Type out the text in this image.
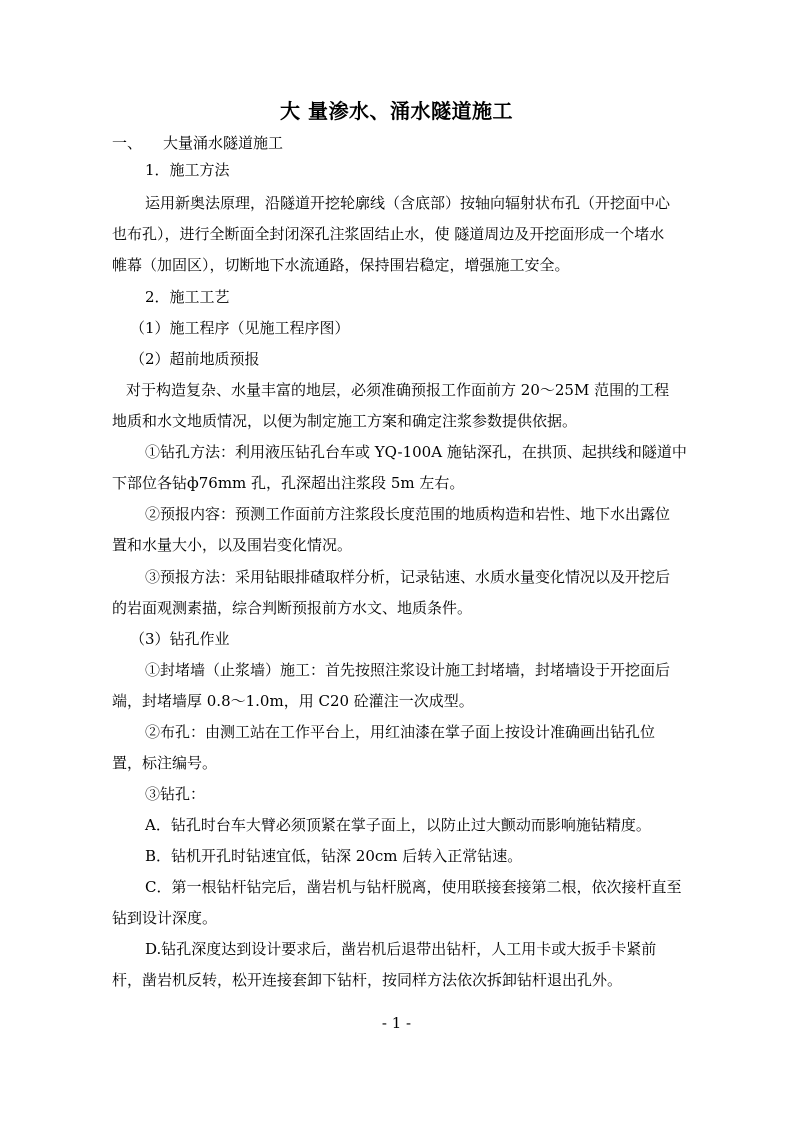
大 量渗水、涌水隧道施工
一、 大量涌水隧道施工
1．施工方法
运用新奥法原理，沿隧道开挖轮廓线（含底部）按轴向辐射状布孔（开挖面中心
也布孔），进行全断面全封闭深孔注浆固结止水，使 隧道周边及开挖面形成一个堵水
帷幕（加固区），切断地下水流通路，保持围岩稳定，增强施工安全。
2．施工工艺
（1）施工程序（见施工程序图）
（2）超前地质预报
对于构造复杂、水量丰富的地层，必须准确预报工作面前方 20～25M 范围的工程
地质和水文地质情况，以便为制定施工方案和确定注浆参数提供依据。
①钻孔方法：利用液压钻孔台车或 YQ-100A 施钻深孔，在拱顶、起拱线和隧道中
下部位各钻ф76mm 孔，孔深超出注浆段 5m 左右。
②预报内容：预测工作面前方注浆段长度范围的地质构造和岩性、地下水出露位
置和水量大小，以及围岩变化情况。
③预报方法：采用钻眼排碴取样分析，记录钻速、水质水量变化情况以及开挖后
的岩面观测素描，综合判断预报前方水文、地质条件。
（3）钻孔作业
①封堵墙（止浆墙）施工：首先按照注浆设计施工封堵墙，封堵墙设于开挖面后
端，封堵墙厚 0.8～1.0m，用 C20 砼灌注一次成型。
②布孔：由测工站在工作平台上，用红油漆在掌子面上按设计准确画出钻孔位
置，标注编号。
③钻孔：
A．钻孔时台车大臂必须顶紧在掌子面上，以防止过大颤动而影响施钻精度。
B．钻机开孔时钻速宜低，钻深 20cm 后转入正常钻速。
C．第一根钻杆钻完后，凿岩机与钻杆脱离，使用联接套接第二根，依次接杆直至
钻到设计深度。
D.钻孔深度达到设计要求后，凿岩机后退带出钻杆，人工用卡或大扳手卡紧前
杆，凿岩机反转，松开连接套卸下钻杆，按同样方法依次拆卸钻杆退出孔外。
- 1 -
